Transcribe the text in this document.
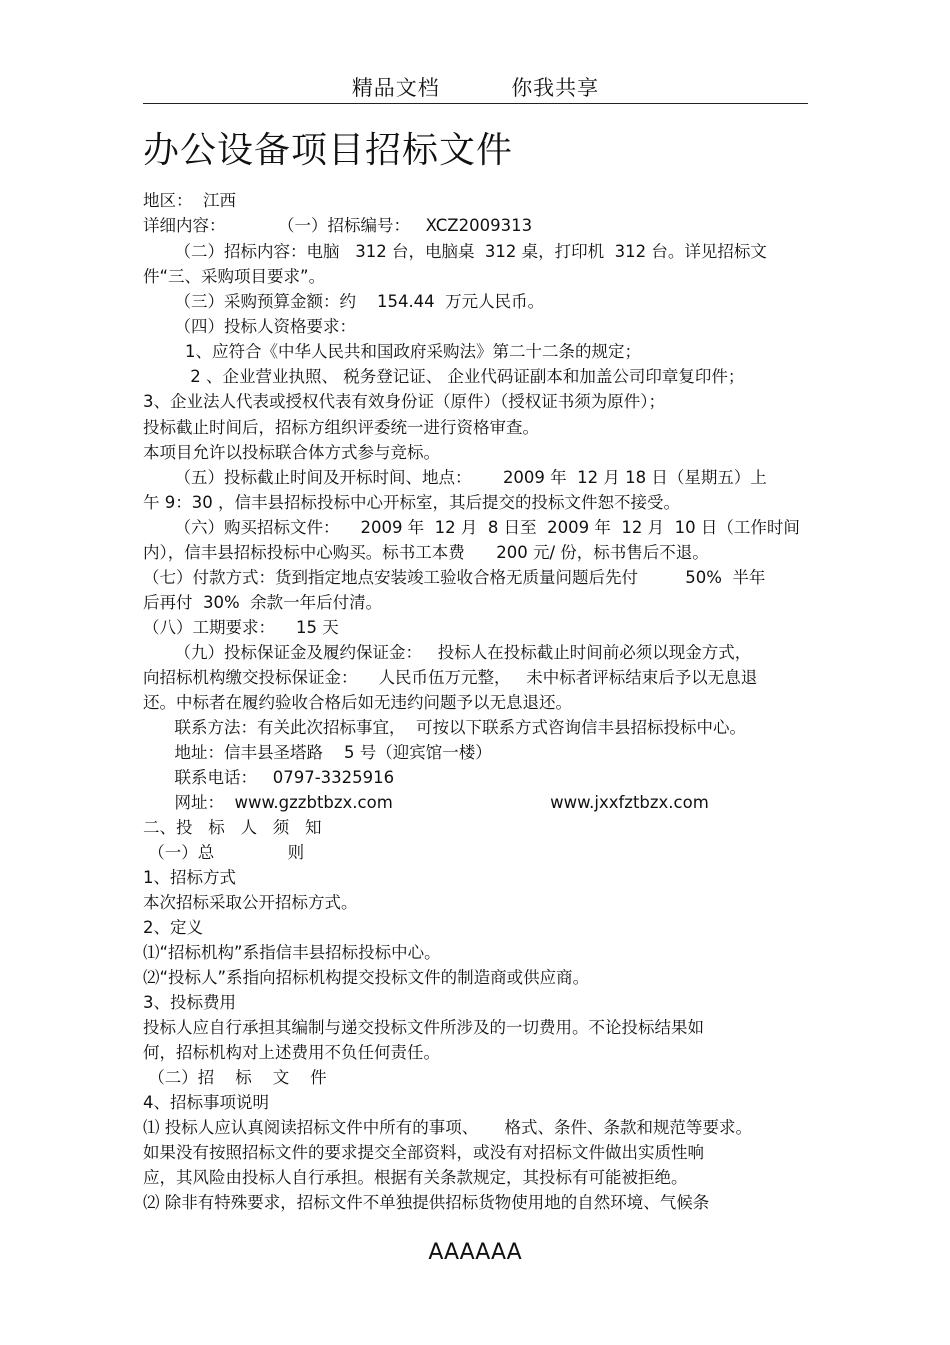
精品文档	你我共享
办公设备项目招标文件
地区：  江西
详细内容：          （一）招标编号：   XCZ2009313
（二）招标内容：电脑   312 台，电脑桌  312 桌，打印机  312 台。详见招标文
件“三、采购项目要求”。
（三）采购预算金额：约    154.44  万元人民币。
（四）投标人资格要求：
1、应符合《中华人民共和国政府采购法》第二十二条的规定；
2 、企业营业执照、 税务登记证、 企业代码证副本和加盖公司印章复印件；
3、企业法人代表或授权代表有效身份证（原件）（授权证书须为原件）；
投标截止时间后，招标方组织评委统一进行资格审查。
本项目允许以投标联合体方式参与竞标。
（五）投标截止时间及开标时间、地点：      2009 年  12 月 18 日（星期五）上
午 9：30 ，信丰县招标投标中心开标室，其后提交的投标文件恕不接受。
（六）购买招标文件：    2009 年  12 月  8 日至  2009 年  12 月  10 日（工作时间
内），信丰县招标投标中心购买。标书工本费      200 元/ 份，标书售后不退。
（七）付款方式：货到指定地点安装竣工验收合格无质量问题后先付         50%  半年
后再付  30%  余款一年后付清。
（八）工期要求：    15 天
（九）投标保证金及履约保证金：   投标人在投标截止时间前必须以现金方式，
向招标机构缴交投标保证金：    人民币伍万元整，   未中标者评标结束后予以无息退
还。中标者在履约验收合格后如无违约问题予以无息退还。
联系方法：有关此次招标事宜，  可按以下联系方式咨询信丰县招标投标中心。
地址：信丰县圣塔路    5 号（迎宾馆一楼）
联系电话：   0797-3325916
网址：  www.gzzbtbzx.com                              www.jxxfztbzx.com
二、投   标   人   须   知
（一）总              则
1、招标方式
本次招标采取公开招标方式。
2、定义
⑴“招标机构”系指信丰县招标投标中心。
⑵“投标人”系指向招标机构提交投标文件的制造商或供应商。
3、投标费用
投标人应自行承担其编制与递交投标文件所涉及的一切费用。不论投标结果如
何，招标机构对上述费用不负任何责任。
（二）招    标    文    件
4、招标事项说明
⑴ 投标人应认真阅读招标文件中所有的事项、     格式、条件、条款和规范等要求。
如果没有按照招标文件的要求提交全部资料，或没有对招标文件做出实质性响
应，其风险由投标人自行承担。根据有关条款规定，其投标有可能被拒绝。
⑵ 除非有特殊要求，招标文件不单独提供招标货物使用地的自然环境、气候条
AAAAAA
